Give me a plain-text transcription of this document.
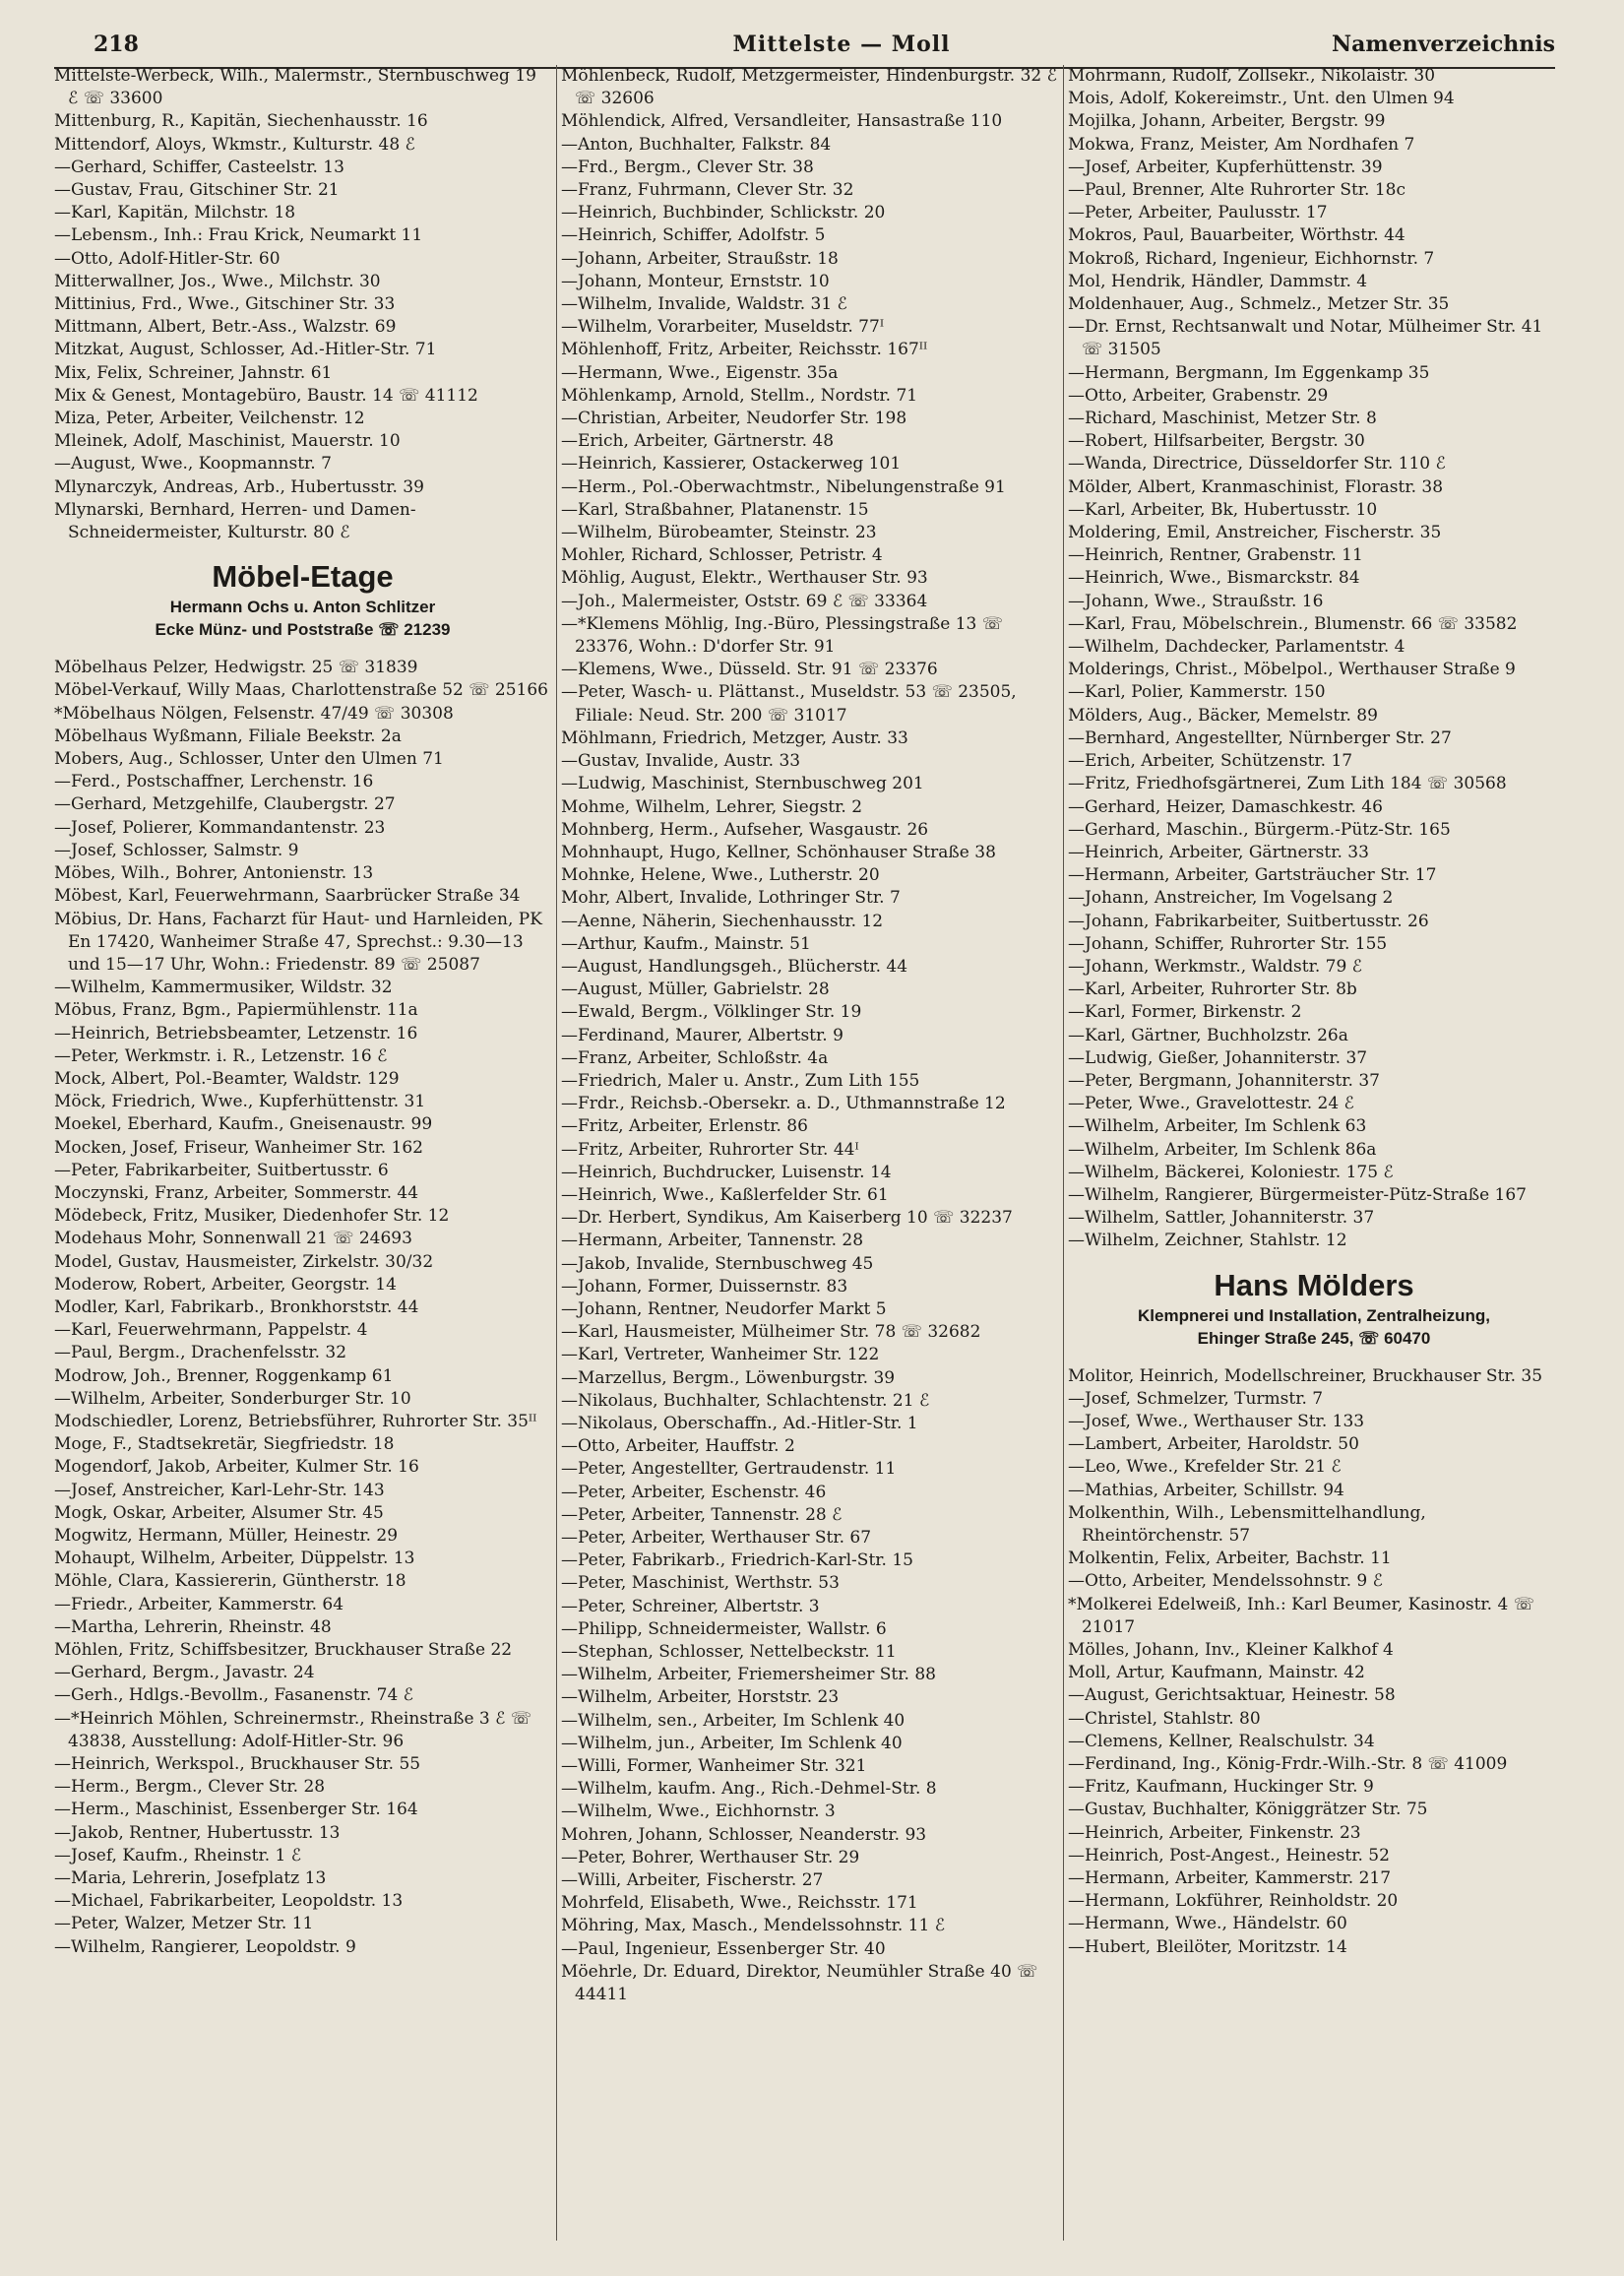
218	Mittelste — Moll	Namenverzeichnis
Mittelste-Werbeck, Wilh., Malermstr., Sternbuschweg 19 ℰ ☏ 33600
Mittenburg, R., Kapitän, Siechenhausstr. 16
Mittendorf, Aloys, Wkmstr., Kulturstr. 48 ℰ
—Gerhard, Schiffer, Casteelstr. 13
—Gustav, Frau, Gitschiner Str. 21
—Karl, Kapitän, Milchstr. 18
—Lebensm., Inh.: Frau Krick, Neumarkt 11
—Otto, Adolf-Hitler-Str. 60
Mitterwallner, Jos., Wwe., Milchstr. 30
Mittinius, Frd., Wwe., Gitschiner Str. 33
Mittmann, Albert, Betr.-Ass., Walzstr. 69
Mitzkat, August, Schlosser, Ad.-Hitler-Str. 71
Mix, Felix, Schreiner, Jahnstr. 61
Mix & Genest, Montagebüro, Baustr. 14 ☏ 41112
Miza, Peter, Arbeiter, Veilchenstr. 12
Mleinek, Adolf, Maschinist, Mauerstr. 10
—August, Wwe., Koopmannstr. 7
Mlynarczyk, Andreas, Arb., Hubertusstr. 39
Mlynarski, Bernhard, Herren- und Damen-Schneidermeister, Kulturstr. 80 ℰ
Möbel-Etage
Hermann Ochs u. Anton Schlitzer
Ecke Münz- und Poststraße ☏ 21239
Möbelhaus Pelzer, Hedwigstr. 25 ☏ 31839
Möbel-Verkauf, Willy Maas, Charlottenstraße 52 ☏ 25166
*Möbelhaus Nölgen, Felsenstr. 47/49 ☏ 30308
Möbelhaus Wyßmann, Filiale Beekstr. 2a
Mobers, Aug., Schlosser, Unter den Ulmen 71
—Ferd., Postschaffner, Lerchenstr. 16
—Gerhard, Metzgehilfe, Claubergstr. 27
—Josef, Polierer, Kommandantenstr. 23
—Josef, Schlosser, Salmstr. 9
Möbes, Wilh., Bohrer, Antonienstr. 13
Möbest, Karl, Feuerwehrmann, Saarbrücker Straße 34
Möbius, Dr. Hans, Facharzt für Haut- und Harnleiden, PK En 17420, Wanheimer Straße 47, Sprechst.: 9.30—13 und 15—17 Uhr, Wohn.: Friedenstr. 89 ☏ 25087
—Wilhelm, Kammermusiker, Wildstr. 32
Möbus, Franz, Bgm., Papiermühlenstr. 11a
—Heinrich, Betriebsbeamter, Letzenstr. 16
—Peter, Werkmstr. i. R., Letzenstr. 16 ℰ
Mock, Albert, Pol.-Beamter, Waldstr. 129
Möck, Friedrich, Wwe., Kupferhüttenstr. 31
Moekel, Eberhard, Kaufm., Gneisenaustr. 99
Mocken, Josef, Friseur, Wanheimer Str. 162
—Peter, Fabrikarbeiter, Suitbertusstr. 6
Moczynski, Franz, Arbeiter, Sommerstr. 44
Mödebeck, Fritz, Musiker, Diedenhofer Str. 12
Modehaus Mohr, Sonnenwall 21 ☏ 24693
Model, Gustav, Hausmeister, Zirkelstr. 30/32
Moderow, Robert, Arbeiter, Georgstr. 14
Modler, Karl, Fabrikarb., Bronkhorststr. 44
—Karl, Feuerwehrmann, Pappelstr. 4
—Paul, Bergm., Drachenfelsstr. 32
Modrow, Joh., Brenner, Roggenkamp 61
—Wilhelm, Arbeiter, Sonderburger Str. 10
Modschiedler, Lorenz, Betriebsführer, Ruhrorter Str. 35ᴵᴵ
Moge, F., Stadtsekretär, Siegfriedstr. 18
Mogendorf, Jakob, Arbeiter, Kulmer Str. 16
—Josef, Anstreicher, Karl-Lehr-Str. 143
Mogk, Oskar, Arbeiter, Alsumer Str. 45
Mogwitz, Hermann, Müller, Heinestr. 29
Mohaupt, Wilhelm, Arbeiter, Düppelstr. 13
Möhle, Clara, Kassiererin, Güntherstr. 18
—Friedr., Arbeiter, Kammerstr. 64
—Martha, Lehrerin, Rheinstr. 48
Möhlen, Fritz, Schiffsbesitzer, Bruckhauser Straße 22
—Gerhard, Bergm., Javastr. 24
—Gerh., Hdlgs.-Bevollm., Fasanenstr. 74 ℰ
—*Heinrich Möhlen, Schreinermstr., Rheinstraße 3 ℰ ☏ 43838, Ausstellung: Adolf-Hitler-Str. 96
—Heinrich, Werkspol., Bruckhauser Str. 55
—Herm., Bergm., Clever Str. 28
—Herm., Maschinist, Essenberger Str. 164
—Jakob, Rentner, Hubertusstr. 13
—Josef, Kaufm., Rheinstr. 1 ℰ
—Maria, Lehrerin, Josefplatz 13
—Michael, Fabrikarbeiter, Leopoldstr. 13
—Peter, Walzer, Metzer Str. 11
—Wilhelm, Rangierer, Leopoldstr. 9
Möhlenbeck, Rudolf, Metzgermeister, Hindenburgstr. 32 ℰ ☏ 32606
Möhlendick, Alfred, Versandleiter, Hansastraße 110
—Anton, Buchhalter, Falkstr. 84
—Frd., Bergm., Clever Str. 38
—Franz, Fuhrmann, Clever Str. 32
—Heinrich, Buchbinder, Schlickstr. 20
—Heinrich, Schiffer, Adolfstr. 5
—Johann, Arbeiter, Straußstr. 18
—Johann, Monteur, Ernststr. 10
—Wilhelm, Invalide, Waldstr. 31 ℰ
—Wilhelm, Vorarbeiter, Museldstr. 77ᴵ
Möhlenhoff, Fritz, Arbeiter, Reichsstr. 167ᴵᴵ
—Hermann, Wwe., Eigenstr. 35a
Möhlenkamp, Arnold, Stellm., Nordstr. 71
—Christian, Arbeiter, Neudorfer Str. 198
—Erich, Arbeiter, Gärtnerstr. 48
—Heinrich, Kassierer, Ostackerweg 101
—Herm., Pol.-Oberwachtmstr., Nibelungenstraße 91
—Karl, Straßbahner, Platanenstr. 15
—Wilhelm, Bürobeamter, Steinstr. 23
Mohler, Richard, Schlosser, Petristr. 4
Möhlig, August, Elektr., Werthauser Str. 93
—Joh., Malermeister, Oststr. 69 ℰ ☏ 33364
—*Klemens Möhlig, Ing.-Büro, Plessingstraße 13 ☏ 23376, Wohn.: D'dorfer Str. 91
—Klemens, Wwe., Düsseld. Str. 91 ☏ 23376
—Peter, Wasch- u. Plättanst., Museldstr. 53 ☏ 23505, Filiale: Neud. Str. 200 ☏ 31017
Möhlmann, Friedrich, Metzger, Austr. 33
—Gustav, Invalide, Austr. 33
—Ludwig, Maschinist, Sternbuschweg 201
Mohme, Wilhelm, Lehrer, Siegstr. 2
Mohnberg, Herm., Aufseher, Wasgaustr. 26
Mohnhaupt, Hugo, Kellner, Schönhauser Straße 38
Mohnke, Helene, Wwe., Lutherstr. 20
Mohr, Albert, Invalide, Lothringer Str. 7
—Aenne, Näherin, Siechenhausstr. 12
—Arthur, Kaufm., Mainstr. 51
—August, Handlungsgeh., Blücherstr. 44
—August, Müller, Gabrielstr. 28
—Ewald, Bergm., Völklinger Str. 19
—Ferdinand, Maurer, Albertstr. 9
—Franz, Arbeiter, Schloßstr. 4a
—Friedrich, Maler u. Anstr., Zum Lith 155
—Frdr., Reichsb.-Obersekr. a. D., Uthmannstraße 12
—Fritz, Arbeiter, Erlenstr. 86
—Fritz, Arbeiter, Ruhrorter Str. 44ᴵ
—Heinrich, Buchdrucker, Luisenstr. 14
—Heinrich, Wwe., Kaßlerfelder Str. 61
—Dr. Herbert, Syndikus, Am Kaiserberg 10 ☏ 32237
—Hermann, Arbeiter, Tannenstr. 28
—Jakob, Invalide, Sternbuschweg 45
—Johann, Former, Duissernstr. 83
—Johann, Rentner, Neudorfer Markt 5
—Karl, Hausmeister, Mülheimer Str. 78 ☏ 32682
—Karl, Vertreter, Wanheimer Str. 122
—Marzellus, Bergm., Löwenburgstr. 39
—Nikolaus, Buchhalter, Schlachtenstr. 21 ℰ
—Nikolaus, Oberschaffn., Ad.-Hitler-Str. 1
—Otto, Arbeiter, Hauffstr. 2
—Peter, Angestellter, Gertraudenstr. 11
—Peter, Arbeiter, Eschenstr. 46
—Peter, Arbeiter, Tannenstr. 28 ℰ
—Peter, Arbeiter, Werthauser Str. 67
—Peter, Fabrikarb., Friedrich-Karl-Str. 15
—Peter, Maschinist, Werthstr. 53
—Peter, Schreiner, Albertstr. 3
—Philipp, Schneidermeister, Wallstr. 6
—Stephan, Schlosser, Nettelbeckstr. 11
—Wilhelm, Arbeiter, Friemersheimer Str. 88
—Wilhelm, Arbeiter, Horststr. 23
—Wilhelm, sen., Arbeiter, Im Schlenk 40
—Wilhelm, jun., Arbeiter, Im Schlenk 40
—Willi, Former, Wanheimer Str. 321
—Wilhelm, kaufm. Ang., Rich.-Dehmel-Str. 8
—Wilhelm, Wwe., Eichhornstr. 3
Mohren, Johann, Schlosser, Neanderstr. 93
—Peter, Bohrer, Werthauser Str. 29
—Willi, Arbeiter, Fischerstr. 27
Mohrfeld, Elisabeth, Wwe., Reichsstr. 171
Möhring, Max, Masch., Mendelssohnstr. 11 ℰ
—Paul, Ingenieur, Essenberger Str. 40
Möehrle, Dr. Eduard, Direktor, Neumühler Straße 40 ☏ 44411
Mohrmann, Rudolf, Zollsekr., Nikolaistr. 30
Mois, Adolf, Kokereimstr., Unt. den Ulmen 94
Mojilka, Johann, Arbeiter, Bergstr. 99
Mokwa, Franz, Meister, Am Nordhafen 7
—Josef, Arbeiter, Kupferhüttenstr. 39
—Paul, Brenner, Alte Ruhrorter Str. 18c
—Peter, Arbeiter, Paulusstr. 17
Mokros, Paul, Bauarbeiter, Wörthstr. 44
Mokroß, Richard, Ingenieur, Eichhornstr. 7
Mol, Hendrik, Händler, Dammstr. 4
Moldenhauer, Aug., Schmelz., Metzer Str. 35
—Dr. Ernst, Rechtsanwalt und Notar, Mülheimer Str. 41 ☏ 31505
—Hermann, Bergmann, Im Eggenkamp 35
—Otto, Arbeiter, Grabenstr. 29
—Richard, Maschinist, Metzer Str. 8
—Robert, Hilfsarbeiter, Bergstr. 30
—Wanda, Directrice, Düsseldorfer Str. 110 ℰ
Mölder, Albert, Kranmaschinist, Florastr. 38
—Karl, Arbeiter, Bk, Hubertusstr. 10
Moldering, Emil, Anstreicher, Fischerstr. 35
—Heinrich, Rentner, Grabenstr. 11
—Heinrich, Wwe., Bismarckstr. 84
—Johann, Wwe., Straußstr. 16
—Karl, Frau, Möbelschrein., Blumenstr. 66 ☏ 33582
—Wilhelm, Dachdecker, Parlamentstr. 4
Molderings, Christ., Möbelpol., Werthauser Straße 9
—Karl, Polier, Kammerstr. 150
Mölders, Aug., Bäcker, Memelstr. 89
—Bernhard, Angestellter, Nürnberger Str. 27
—Erich, Arbeiter, Schützenstr. 17
—Fritz, Friedhofsgärtnerei, Zum Lith 184 ☏ 30568
—Gerhard, Heizer, Damaschkestr. 46
—Gerhard, Maschin., Bürgerm.-Pütz-Str. 165
—Heinrich, Arbeiter, Gärtnerstr. 33
—Hermann, Arbeiter, Gartsträucher Str. 17
—Johann, Anstreicher, Im Vogelsang 2
—Johann, Fabrikarbeiter, Suitbertusstr. 26
—Johann, Schiffer, Ruhrorter Str. 155
—Johann, Werkmstr., Waldstr. 79 ℰ
—Karl, Arbeiter, Ruhrorter Str. 8b
—Karl, Former, Birkenstr. 2
—Karl, Gärtner, Buchholzstr. 26a
—Ludwig, Gießer, Johanniterstr. 37
—Peter, Bergmann, Johanniterstr. 37
—Peter, Wwe., Gravelottestr. 24 ℰ
—Wilhelm, Arbeiter, Im Schlenk 63
—Wilhelm, Arbeiter, Im Schlenk 86a
—Wilhelm, Bäckerei, Koloniestr. 175 ℰ
—Wilhelm, Rangierer, Bürgermeister-Pütz-Straße 167
—Wilhelm, Sattler, Johanniterstr. 37
—Wilhelm, Zeichner, Stahlstr. 12
Hans Mölders
Klempnerei und Installation, Zentralheizung,
Ehinger Straße 245, ☏ 60470
Molitor, Heinrich, Modellschreiner, Bruckhauser Str. 35
—Josef, Schmelzer, Turmstr. 7
—Josef, Wwe., Werthauser Str. 133
—Lambert, Arbeiter, Haroldstr. 50
—Leo, Wwe., Krefelder Str. 21 ℰ
—Mathias, Arbeiter, Schillstr. 94
Molkenthin, Wilh., Lebensmittelhandlung, Rheintörchenstr. 57
Molkentin, Felix, Arbeiter, Bachstr. 11
—Otto, Arbeiter, Mendelssohnstr. 9 ℰ
*Molkerei Edelweiß, Inh.: Karl Beumer, Kasinostr. 4 ☏ 21017
Mölles, Johann, Inv., Kleiner Kalkhof 4
Moll, Artur, Kaufmann, Mainstr. 42
—August, Gerichtsaktuar, Heinestr. 58
—Christel, Stahlstr. 80
—Clemens, Kellner, Realschulstr. 34
—Ferdinand, Ing., König-Frdr.-Wilh.-Str. 8 ☏ 41009
—Fritz, Kaufmann, Huckinger Str. 9
—Gustav, Buchhalter, Königgrätzer Str. 75
—Heinrich, Arbeiter, Finkenstr. 23
—Heinrich, Post-Angest., Heinestr. 52
—Hermann, Arbeiter, Kammerstr. 217
—Hermann, Lokführer, Reinholdstr. 20
—Hermann, Wwe., Händelstr. 60
—Hubert, Bleilöter, Moritzstr. 14
